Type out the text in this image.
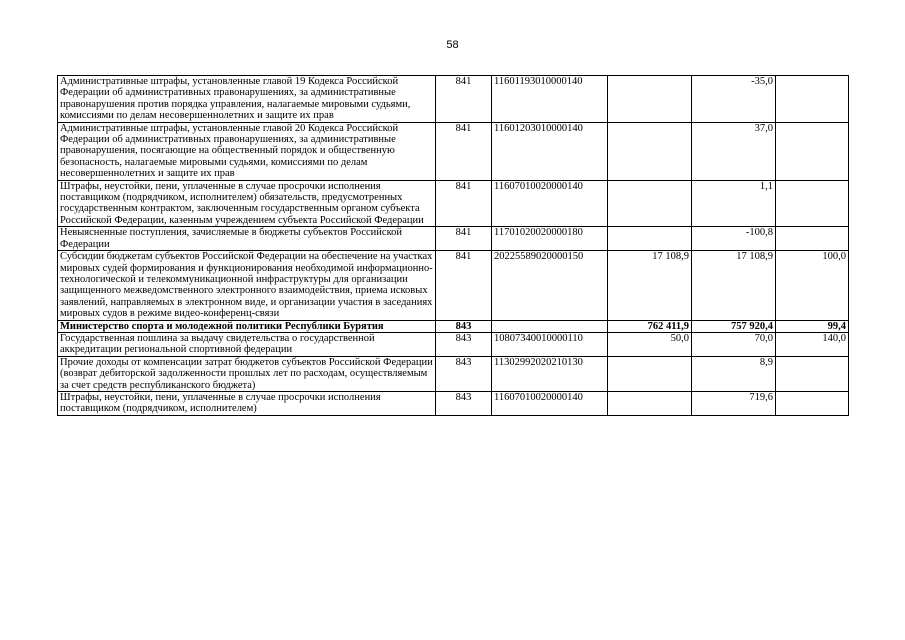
58
Административные штрафы, установленные главой 19 Кодекса Российской Федерации об административных правонарушениях, за административные правонарушения против порядка управления, налагаемые мировыми судьями, комиссиями по делам несовершеннолетних и защите их прав	841	11601193010000140		-35,0	
Административные штрафы, установленные главой 20 Кодекса Российской Федерации об административных правонарушениях, за административные правонарушения, посягающие на общественный порядок и общественную безопасность, налагаемые мировыми судьями, комиссиями по делам несовершеннолетних и защите их прав	841	11601203010000140		37,0	
Штрафы, неустойки, пени, уплаченные в случае просрочки исполнения поставщиком (подрядчиком, исполнителем) обязательств, предусмотренных государственным контрактом, заключенным государственным органом субъекта Российской Федерации, казенным учреждением субъекта Российской Федерации	841	11607010020000140		1,1	
Невыясненные поступления, зачисляемые в бюджеты субъектов Российской Федерации	841	11701020020000180		-100,8	
Субсидии бюджетам субъектов Российской Федерации на обеспечение на участках мировых судей формирования и функционирования необходимой информационно-технологической и телекоммуникационной инфраструктуры для организации защищенного межведомственного электронного взаимодействия, приема исковых заявлений, направляемых в электронном виде, и организации участия в заседаниях мировых судов в режиме видео-конференц-связи	841	20225589020000150	17 108,9	17 108,9	100,0
Министерство спорта и молодежной политики Республики Бурятия	843		762 411,9	757 920,4	99,4
Государственная пошлина за выдачу свидетельства о государственной аккредитации региональной спортивной федерации	843	10807340010000110	50,0	70,0	140,0
Прочие доходы от компенсации затрат бюджетов субъектов Российской Федерации (возврат дебиторской задолженности прошлых лет по расходам, осуществляемым за счет средств республиканского бюджета)	843	11302992020210130		8,9	
Штрафы, неустойки, пени, уплаченные в случае просрочки исполнения поставщиком (подрядчиком, исполнителем)	843	11607010020000140		719,6	
